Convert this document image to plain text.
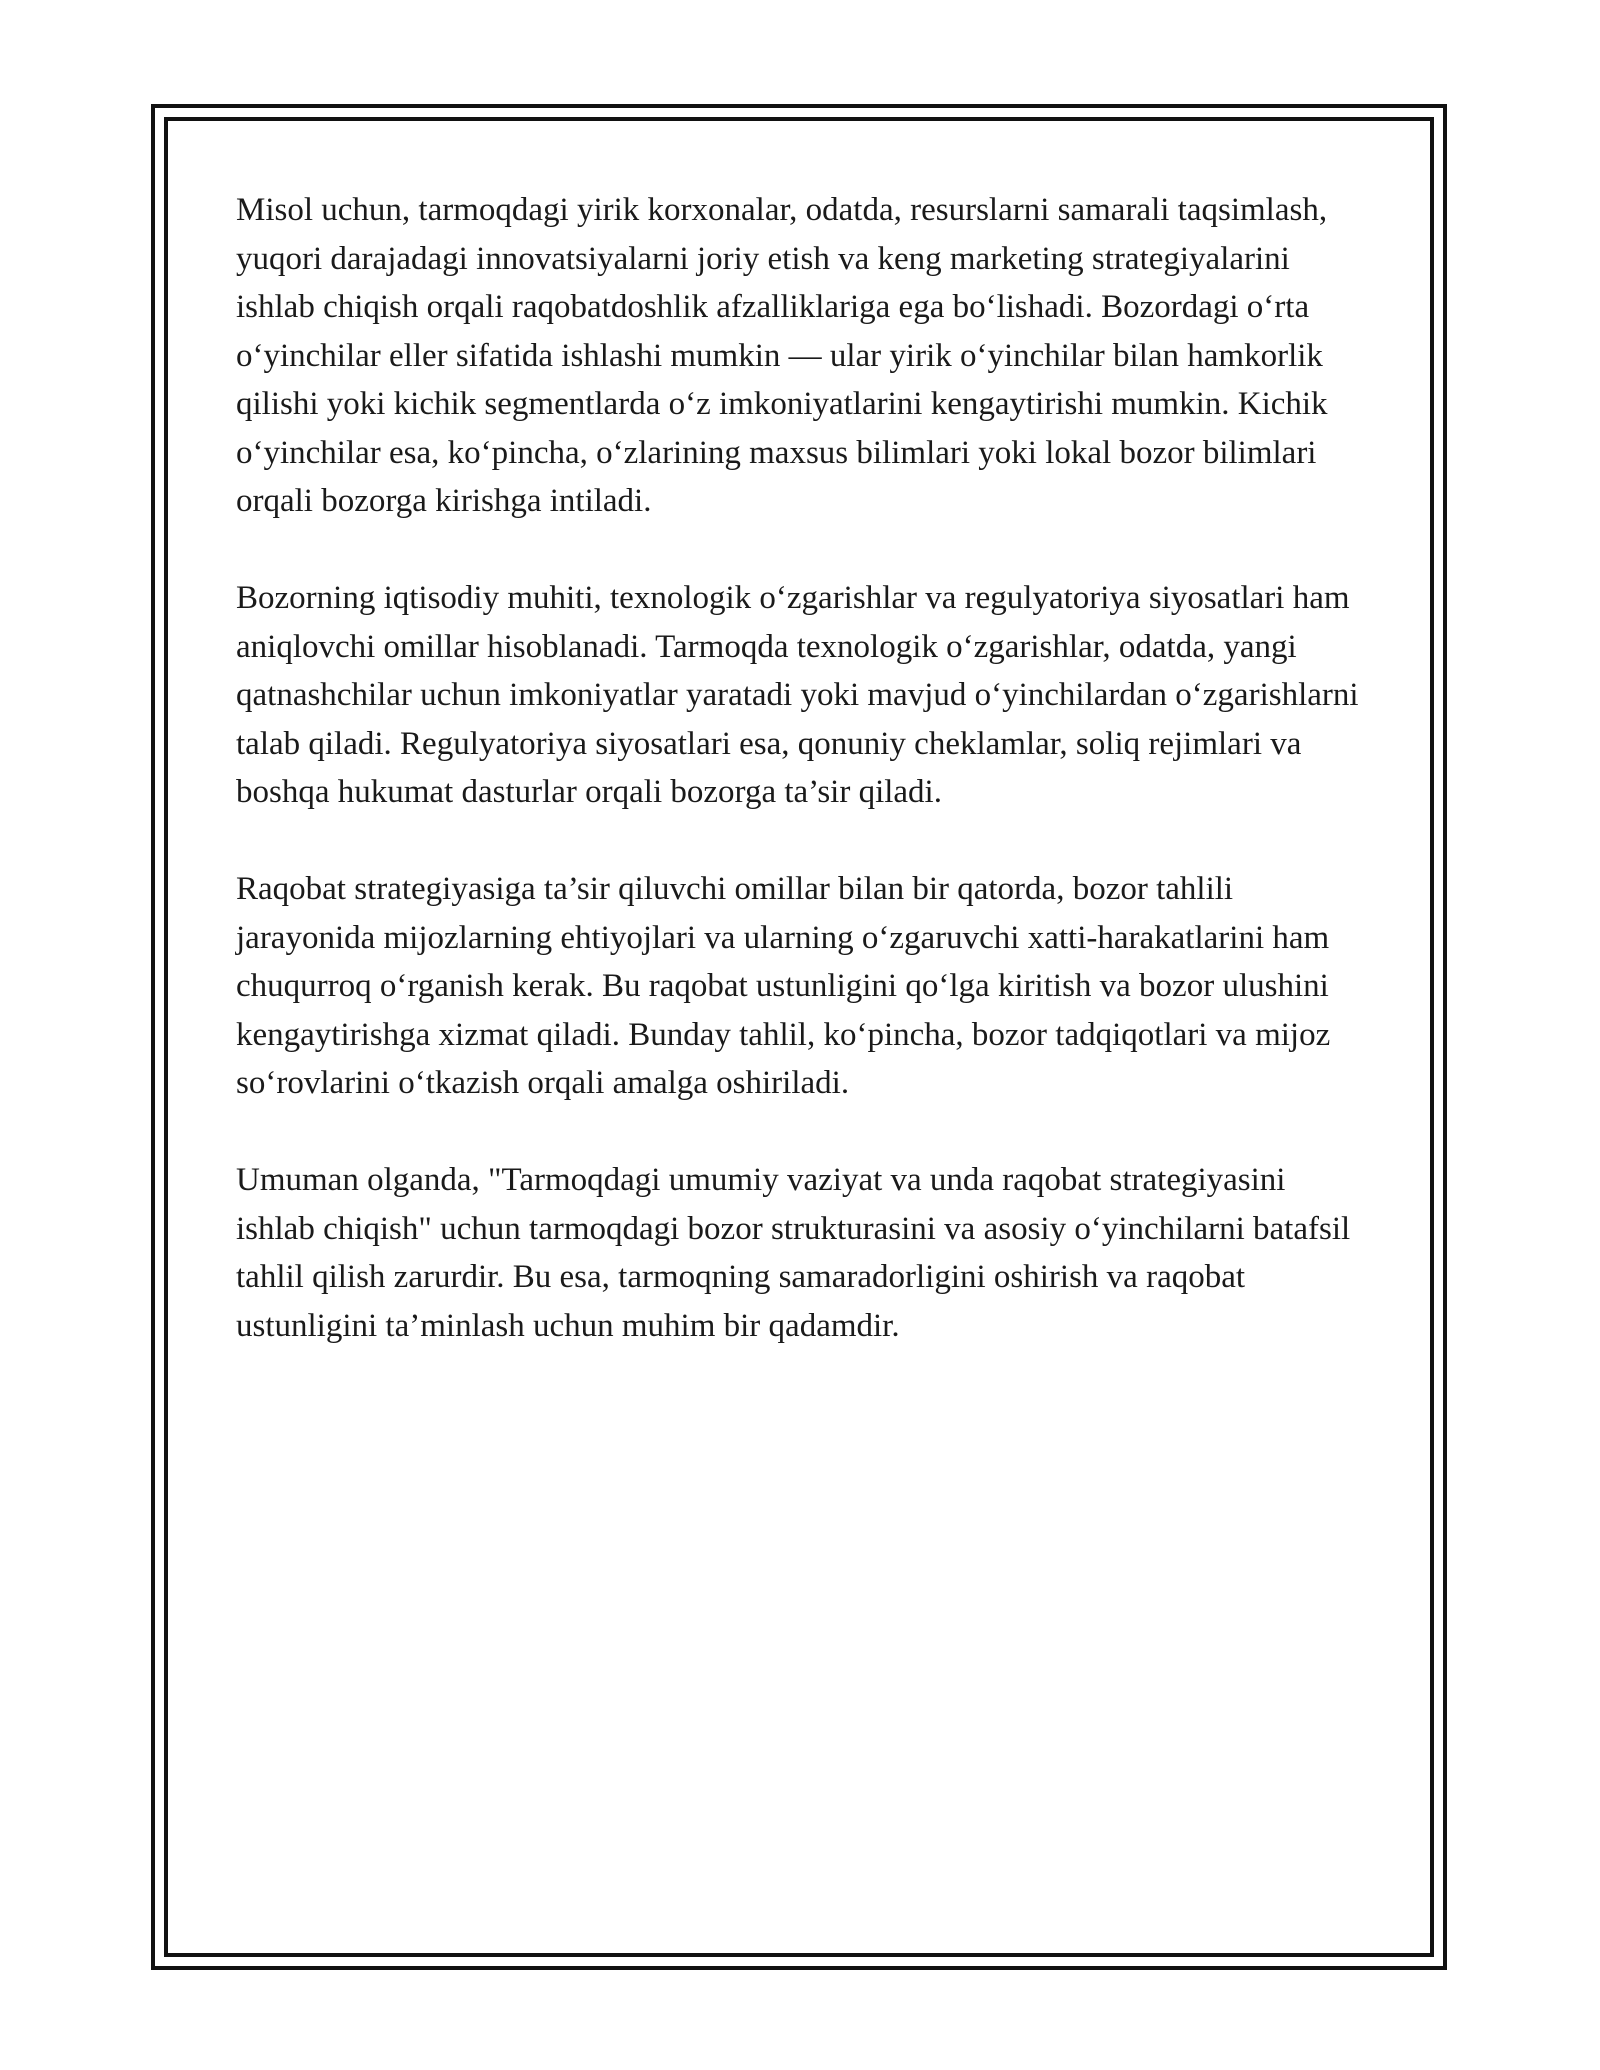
Misol uchun, tarmoqdagi yirik korxonalar, odatda, resurslarni samarali taqsimlash, yuqori darajadagi innovatsiyalarni joriy etish va keng marketing strategiyalarini ishlab chiqish orqali raqobatdoshlik afzalliklariga ega bo‘lishadi. Bozordagi o‘rta o‘yinchilar eller sifatida ishlashi mumkin — ular yirik o‘yinchilar bilan hamkorlik qilishi yoki kichik segmentlarda o‘z imkoniyatlarini kengaytirishi mumkin. Kichik o‘yinchilar esa, ko‘pincha, o‘zlarining maxsus bilimlari yoki lokal bozor bilimlari orqali bozorga kirishga intiladi.

Bozorning iqtisodiy muhiti, texnologik o‘zgarishlar va regulyatoriya siyosatlari ham aniqlovchi omillar hisoblanadi. Tarmoqda texnologik o‘zgarishlar, odatda, yangi qatnashchilar uchun imkoniyatlar yaratadi yoki mavjud o‘yinchilardan o‘zgarishlarni talab qiladi. Regulyatoriya siyosatlari esa, qonuniy cheklamlar, soliq rejimlari va boshqa hukumat dasturlar orqali bozorga ta’sir qiladi.

Raqobat strategiyasiga ta’sir qiluvchi omillar bilan bir qatorda, bozor tahlili jarayonida mijozlarning ehtiyojlari va ularning o‘zgaruvchi xatti-harakatlarini ham chuqurroq o‘rganish kerak. Bu raqobat ustunligini qo‘lga kiritish va bozor ulushini kengaytirishga xizmat qiladi. Bunday tahlil, ko‘pincha, bozor tadqiqotlari va mijoz so‘rovlarini o‘tkazish orqali amalga oshiriladi.

Umuman olganda, "Tarmoqdagi umumiy vaziyat va unda raqobat strategiyasini ishlab chiqish" uchun tarmoqdagi bozor strukturasini va asosiy o‘yinchilarni batafsil tahlil qilish zarurdir. Bu esa, tarmoqning samaradorligini oshirish va raqobat ustunligini ta’minlash uchun muhim bir qadamdir.
